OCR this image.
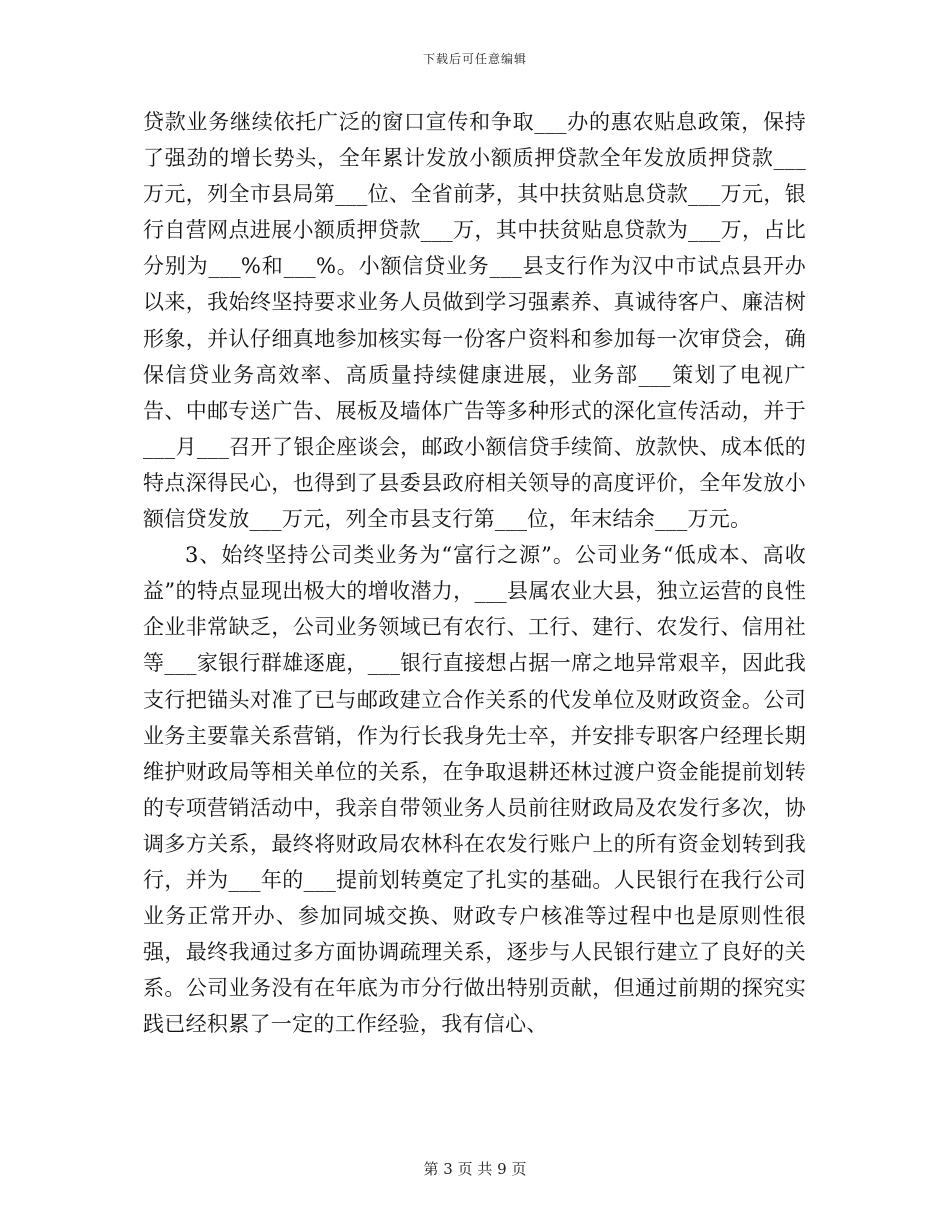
下载后可任意编辑

贷款业务继续依托广泛的窗口宣传和争取___办的惠农贴息政策，保持了强劲的增长势头，全年累计发放小额质押贷款全年发放质押贷款___万元，列全市县局第___位、全省前茅，其中扶贫贴息贷款___万元，银行自营网点进展小额质押贷款___万，其中扶贫贴息贷款为___万，占比分别为___%和___%。小额信贷业务___县支行作为汉中市试点县开办以来，我始终坚持要求业务人员做到学习强素养、真诚待客户、廉洁树形象，并认仔细真地参加核实每一份客户资料和参加每一次审贷会，确保信贷业务高效率、高质量持续健康进展，业务部___策划了电视广告、中邮专送广告、展板及墙体广告等多种形式的深化宣传活动，并于___月___召开了银企座谈会，邮政小额信贷手续简、放款快、成本低的特点深得民心，也得到了县委县政府相关领导的高度评价，全年发放小额信贷发放___万元，列全市县支行第___位，年末结余___万元。

3、始终坚持公司类业务为“富行之源”。公司业务“低成本、高收益”的特点显现出极大的增收潜力，___县属农业大县，独立运营的良性企业非常缺乏，公司业务领域已有农行、工行、建行、农发行、信用社等___家银行群雄逐鹿，___银行直接想占据一席之地异常艰辛，因此我支行把锚头对准了已与邮政建立合作关系的代发单位及财政资金。公司业务主要靠关系营销，作为行长我身先士卒，并安排专职客户经理长期维护财政局等相关单位的关系，在争取退耕还林过渡户资金能提前划转的专项营销活动中，我亲自带领业务人员前往财政局及农发行多次，协调多方关系，最终将财政局农林科在农发行账户上的所有资金划转到我行，并为___年的___提前划转奠定了扎实的基础。人民银行在我行公司业务正常开办、参加同城交换、财政专户核准等过程中也是原则性很强，最终我通过多方面协调疏理关系，逐步与人民银行建立了良好的关系。公司业务没有在年底为市分行做出特别贡献，但通过前期的探究实践已经积累了一定的工作经验，我有信心、

第 3 页 共 9 页
